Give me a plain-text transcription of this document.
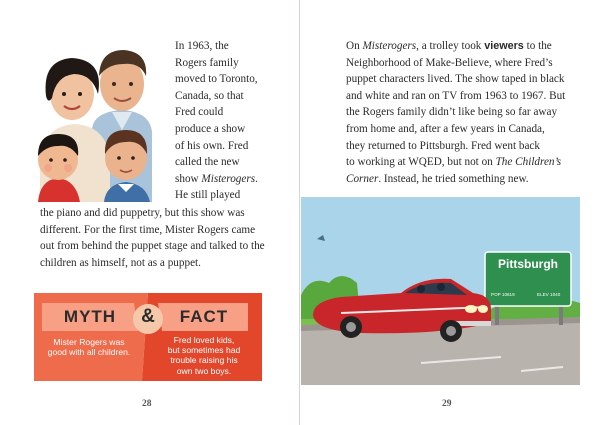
In 1963, the

Rogers family

moved to Toronto,

Canada, so that

Fred could

produce a show

of his own. Fred

called the new

show Misterogers.

He still played

the piano and did puppetry, but this show was

different. For the first time, Mister Rogers came

out from behind the puppet stage and talked to the

children as himself, not as a puppet.

MYTH	&	FACT
Mister Rogers was
good with all children.
Fred loved kids,
but sometimes had
trouble raising his
own two boys.
28

On Misterogers, a trolley took viewers to the

Neighborhood of Make-Believe, where Fred’s

puppet characters lived. The show taped in black

and white and ran on TV from 1963 to 1967. But

the Rogers family didn’t like being so far away

from home and, after a few years in Canada,

they returned to Pittsburgh. Fred went back

to working at WQED, but not on The Children’s

Corner. Instead, he tried something new.

Pittsburgh
POP 10619	ELEV 1040
29
